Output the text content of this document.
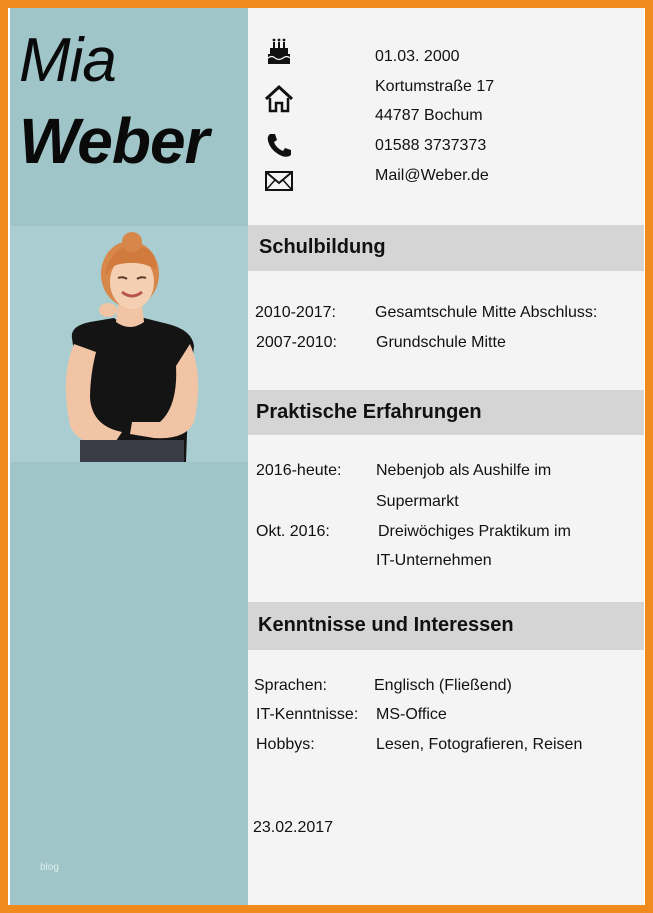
Mia
Weber
blog
01.03. 2000
Kortumstraße 17
44787 Bochum
01588 3737373
Mail@Weber.de
Schulbildung
2010-2017: Gesamtschule Mitte Abschluss:
2007-2010: Grundschule Mitte
Praktische Erfahrungen
2016-heute: Nebenjob als Aushilfe im
Supermarkt
Okt. 2016:	Dreiwöchiges Praktikum im
IT-Unternehmen
Kenntnisse und Interessen
Sprachen:	Englisch (Fließend)
IT-Kenntnisse: MS-Office
Hobbys:	Lesen, Fotografieren, Reisen
23.02.2017
